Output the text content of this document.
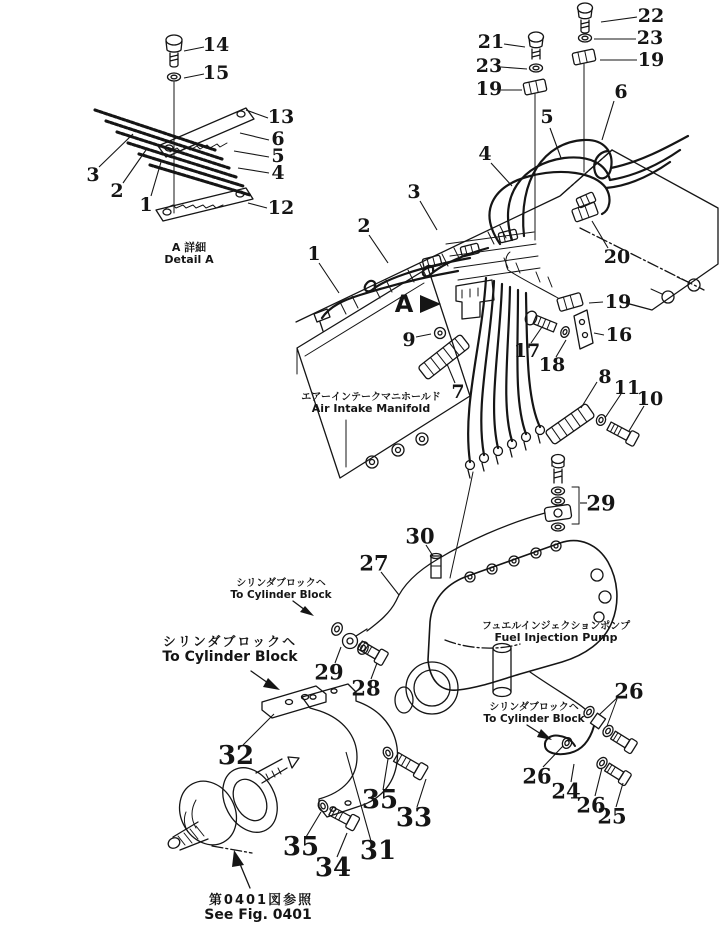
A 詳細
Detail A
エアーインテークマニホールド
Air Intake Manifold
フュエルインジェクションポンプ
Fuel Injection Pump
シリンダブロックヘ
To Cylinder Block
シリンダブロックヘ
To Cylinder Block
シリンダブロックヘ
To Cylinder Block
第0401図参照
See Fig. 0401
A
14
15
13
6
5
4
12
3
2
1
22
23
19
21
23
19	6
5
4
3
2
1	20
19
16
17
18
9
7
8 11
10
29
30
27
29
28	26
26
24
26
25
32
35
33
31
35
34
